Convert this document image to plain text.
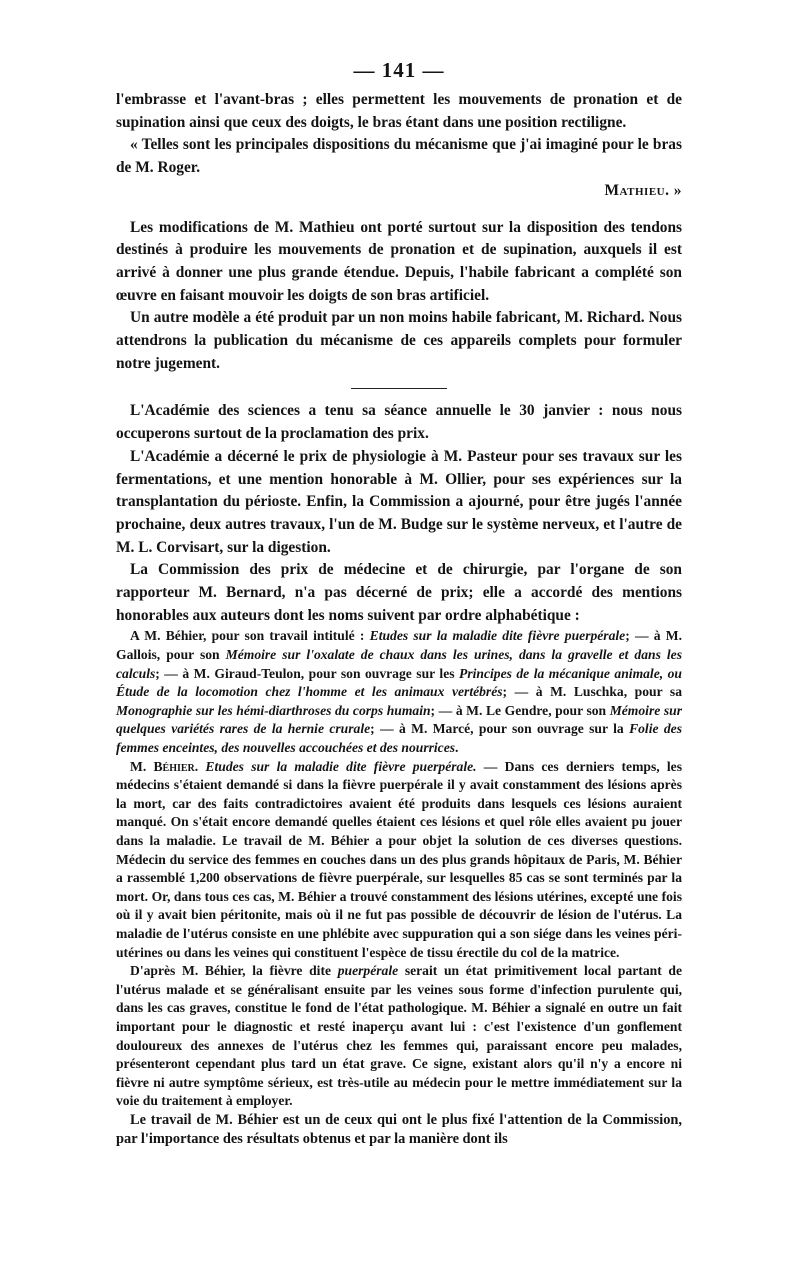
— 141 —

l'embrasse et l'avant-bras ; elles permettent les mouvements de pronation et de supination ainsi que ceux des doigts, le bras étant dans une position rectiligne.

« Telles sont les principales dispositions du mécanisme que j'ai imaginé pour le bras de M. Roger.

Mathieu. »

Les modifications de M. Mathieu ont porté surtout sur la disposition des tendons destinés à produire les mouvements de pronation et de supination, auxquels il est arrivé à donner une plus grande étendue. Depuis, l'habile fabricant a complété son œuvre en faisant mouvoir les doigts de son bras artificiel.

Un autre modèle a été produit par un non moins habile fabricant, M. Richard. Nous attendrons la publication du mécanisme de ces appareils complets pour formuler notre jugement.

L'Académie des sciences a tenu sa séance annuelle le 30 janvier : nous nous occuperons surtout de la proclamation des prix.

L'Académie a décerné le prix de physiologie à M. Pasteur pour ses travaux sur les fermentations, et une mention honorable à M. Ollier, pour ses expériences sur la transplantation du périoste. Enfin, la Commission a ajourné, pour être jugés l'année prochaine, deux autres travaux, l'un de M. Budge sur le système nerveux, et l'autre de M. L. Corvisart, sur la digestion.

La Commission des prix de médecine et de chirurgie, par l'organe de son rapporteur M. Bernard, n'a pas décerné de prix; elle a accordé des mentions honorables aux auteurs dont les noms suivent par ordre alphabétique :

A M. Béhier, pour son travail intitulé : Etudes sur la maladie dite fièvre puerpérale; — à M. Gallois, pour son Mémoire sur l'oxalate de chaux dans les urines, dans la gravelle et dans les calculs; — à M. Giraud-Teulon, pour son ouvrage sur les Principes de la mécanique animale, ou Étude de la locomotion chez l'homme et les animaux vertébrés; — à M. Luschka, pour sa Monographie sur les hémi-diarthroses du corps humain; — à M. Le Gendre, pour son Mémoire sur quelques variétés rares de la hernie crurale; — à M. Marcé, pour son ouvrage sur la Folie des femmes enceintes, des nouvelles accouchées et des nourrices.

M. Béhier. Etudes sur la maladie dite fièvre puerpérale. — Dans ces derniers temps, les médecins s'étaient demandé si dans la fièvre puerpérale il y avait constamment des lésions après la mort, car des faits contradictoires avaient été produits dans lesquels ces lésions auraient manqué. On s'était encore demandé quelles étaient ces lésions et quel rôle elles avaient pu jouer dans la maladie. Le travail de M. Béhier a pour objet la solution de ces diverses questions. Médecin du service des femmes en couches dans un des plus grands hôpitaux de Paris, M. Béhier a rassemblé 1,200 observations de fièvre puerpérale, sur lesquelles 85 cas se sont terminés par la mort. Or, dans tous ces cas, M. Béhier a trouvé constamment des lésions utérines, excepté une fois où il y avait bien péritonite, mais où il ne fut pas possible de découvrir de lésion de l'utérus. La maladie de l'utérus consiste en une phlébite avec suppuration qui a son siége dans les veines péri-utérines ou dans les veines qui constituent l'espèce de tissu érectile du col de la matrice.

D'après M. Béhier, la fièvre dite puerpérale serait un état primitivement local partant de l'utérus malade et se généralisant ensuite par les veines sous forme d'infection purulente qui, dans les cas graves, constitue le fond de l'état pathologique. M. Béhier a signalé en outre un fait important pour le diagnostic et resté inaperçu avant lui : c'est l'existence d'un gonflement douloureux des annexes de l'utérus chez les femmes qui, paraissant encore peu malades, présenteront cependant plus tard un état grave. Ce signe, existant alors qu'il n'y a encore ni fièvre ni autre symptôme sérieux, est très-utile au médecin pour le mettre immédiatement sur la voie du traitement à employer.

Le travail de M. Béhier est un de ceux qui ont le plus fixé l'attention de la Commission, par l'importance des résultats obtenus et par la manière dont ils
